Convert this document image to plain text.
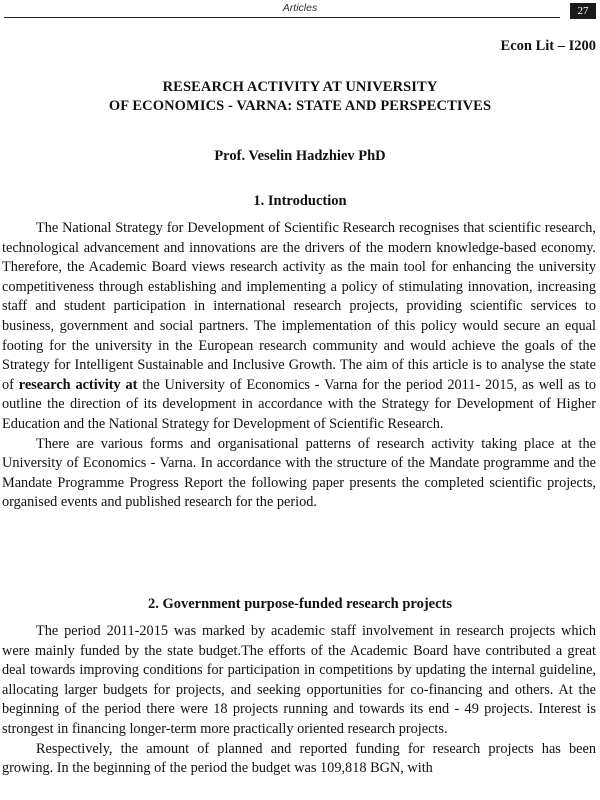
Articles	27
Econ Lit – I200
RESEARCH ACTIVITY AT UNIVERSITY
OF ECONOMICS - VARNA: STATE AND PERSPECTIVES
Prof. Veselin Hadzhiev PhD
1. Introduction

The National Strategy for Development of Scientific Research recognises that scientific research, technological advancement and innovations are the drivers of the modern knowledge-based economy. Therefore, the Academic Board views research activity as the main tool for enhancing the university competitiveness through establishing and implementing a policy of stimulating innovation, increasing staff and student participation in international research projects, providing scientific services to business, government and social partners. The implementation of this policy would secure an equal footing for the university in the European research community and would achieve the goals of the Strategy for Intelligent Sustainable and Inclusive Growth. The aim of this article is to analyse the state of research activity at the University of Economics - Varna for the period 2011- 2015, as well as to outline the direction of its development in accordance with the Strategy for Development of Higher Education and the National Strategy for Development of Scientific Research.

There are various forms and organisational patterns of research activity taking place at the University of Economics - Varna. In accordance with the structure of the Mandate programme and the Mandate Programme Progress Report the following paper presents the completed scientific projects, organised events and published research for the period.

2. Government purpose-funded research projects

The period 2011-2015 was marked by academic staff involvement in research projects which were mainly funded by the state budget.The efforts of the Academic Board have contributed a great deal towards improving conditions for participation in competitions by updating the internal guideline, allocating larger budgets for projects, and seeking opportunities for co-financing and others. At the beginning of the period there were 18 projects running and towards its end - 49 projects. Interest is strongest in financing longer-term more practically oriented research projects.

Respectively, the amount of planned and reported funding for research projects has been growing. In the beginning of the period the budget was 109,818 BGN, with
